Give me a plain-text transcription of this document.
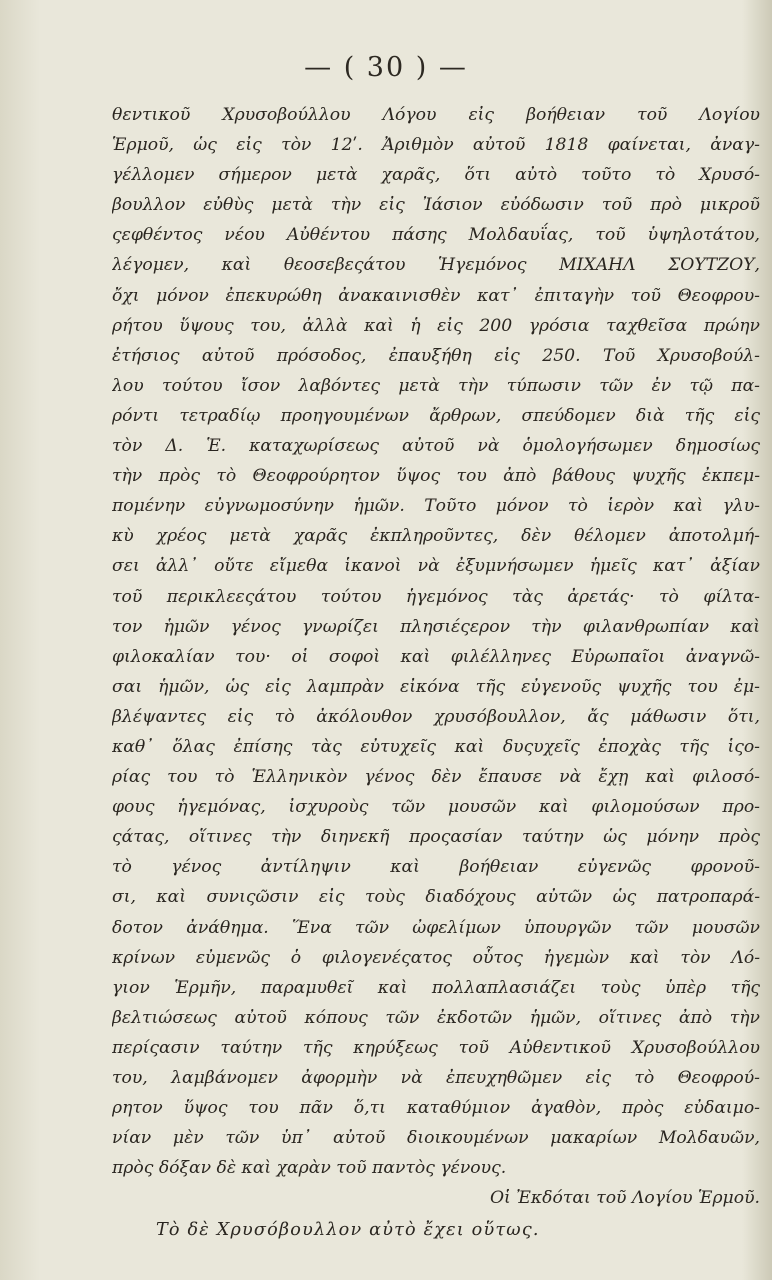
— ( 30 ) —
θεντικοῦ Χρυσοβούλλου Λόγου εἰς βοήθειαν τοῦ Λογίου
Ἑρμοῦ, ὡς εἰς τὸν 12ʹ. Ἀριθμὸν αὐτοῦ 1818 φαίνεται, ἀναγ-
γέλλομεν σήμερον μετὰ χαρᾶς, ὅτι αὐτὸ τοῦτο τὸ Χρυσό-
βουλλον εὐθὺς μετὰ τὴν εἰς Ἰάσιον εὐόδωσιν τοῦ πρὸ μικροῦ
ςεφθέντος νέου Αὐθέντου πάσης Μολδαυΐας, τοῦ ὑψηλοτάτου,
λέγομεν, καὶ θεοσεβεςάτου Ἡγεμόνος ΜΙΧΑΗΛ ΣΟΥΤΖΟΥ,
ὄχι μόνον ἐπεκυρώθη ἀνακαινισθὲν κατ᾽ ἐπιταγὴν τοῦ Θεοφρου-
ρήτου ὕψους του, ἀλλὰ καὶ ἡ εἰς 200 γρόσια ταχθεῖσα πρώην
ἐτήσιος αὐτοῦ πρόσοδος, ἐπαυξήθη εἰς 250. Τοῦ Χρυσοβούλ-
λου τούτου ἴσον λαβόντες μετὰ τὴν τύπωσιν τῶν ἐν τῷ πα-
ρόντι τετραδίῳ προηγουμένων ἄρθρων, σπεύδομεν διὰ τῆς εἰς
τὸν Δ. Ἑ. καταχωρίσεως αὐτοῦ νὰ ὁμολογήσωμεν δημοσίως
τὴν πρὸς τὸ Θεοφρούρητον ὕψος του ἀπὸ βάθους ψυχῆς ἐκπεμ-
πομένην εὐγνωμοσύνην ἡμῶν. Τοῦτο μόνον τὸ ἱερὸν καὶ γλυ-
κὺ χρέος μετὰ χαρᾶς ἐκπληροῦντες, δὲν θέλομεν ἀποτολμή-
σει ἀλλ᾽ οὔτε εἴμεθα ἱκανοὶ νὰ ἐξυμνήσωμεν ἡμεῖς κατ᾽ ἀξίαν
τοῦ περικλεεςάτου τούτου ἡγεμόνος τὰς ἀρετάς· τὸ φίλτα-
τον ἡμῶν γένος γνωρίζει πλησιέςερον τὴν φιλανθρωπίαν καὶ
φιλοκαλίαν του· οἱ σοφοὶ καὶ φιλέλληνες Εὐρωπαῖοι ἀναγνῶ-
σαι ἡμῶν, ὡς εἰς λαμπρὰν εἰκόνα τῆς εὐγενοῦς ψυχῆς του ἐμ-
βλέψαντες εἰς τὸ ἀκόλουθον χρυσόβουλλον, ἄς μάθωσιν ὅτι,
καθ᾽ ὅλας ἐπίσης τὰς εὐτυχεῖς καὶ δυςυχεῖς ἐποχὰς τῆς ἱςο-
ρίας του τὸ Ἑλληνικὸν γένος δὲν ἔπαυσε νὰ ἔχῃ καὶ φιλοσό-
φους ἡγεμόνας, ἰσχυροὺς τῶν μουσῶν καὶ φιλομούσων προ-
ςάτας, οἵτινες τὴν διηνεκῆ προςασίαν ταύτην ὡς μόνην πρὸς
τὸ γένος ἀντίληψιν καὶ βοήθειαν εὐγενῶς φρονοῦ-
σι, καὶ συνιςῶσιν εἰς τοὺς διαδόχους αὐτῶν ὡς πατροπαρά-
δοτον ἀνάθημα. Ἕνα τῶν ὠφελίμων ὑπουργῶν τῶν μουσῶν
κρίνων εὐμενῶς ὁ φιλογενέςατος οὗτος ἡγεμὼν καὶ τὸν Λό-
γιον Ἑρμῆν, παραμυθεῖ καὶ πολλαπλασιάζει τοὺς ὑπὲρ τῆς
βελτιώσεως αὐτοῦ κόπους τῶν ἐκδοτῶν ἡμῶν, οἵτινες ἀπὸ τὴν
περίςασιν ταύτην τῆς κηρύξεως τοῦ Αὐθεντικοῦ Χρυσοβούλλου
του, λαμβάνομεν ἀφορμὴν νὰ ἐπευχηθῶμεν εἰς τὸ Θεοφρού-
ρητον ὕψος του πᾶν ὅ,τι καταθύμιον ἀγαθὸν, πρὸς εὐδαιμο-
νίαν μὲν τῶν ὑπ᾽ αὐτοῦ διοικουμένων μακαρίων Μολδαυῶν,
πρὸς δόξαν δὲ καὶ χαρὰν τοῦ παντὸς γένους.
Οἱ Ἐκδόται τοῦ Λογίου Ἑρμοῦ.
Τὸ δὲ Χρυσόβουλλον αὐτὸ ἔχει οὕτως.
